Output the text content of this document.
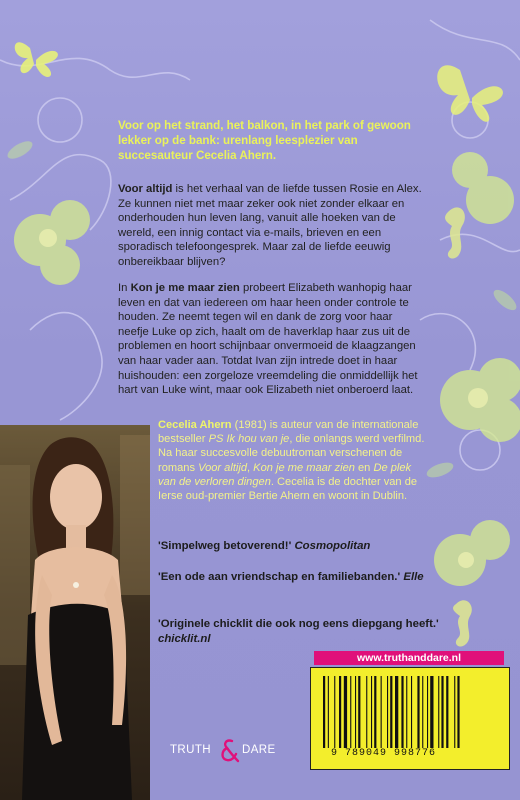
Voor op het strand, het balkon, in het park of gewoon lekker op de bank: urenlang leesplezier van succesauteur Cecelia Ahern.
Voor altijd is het verhaal van de liefde tussen Rosie en Alex. Ze kunnen niet met maar zeker ook niet zonder elkaar en onderhouden hun leven lang, vanuit alle hoeken van de wereld, een innig contact via e-mails, brieven en een sporadisch telefoongesprek. Maar zal de liefde eeuwig onbereikbaar blijven?
In Kon je me maar zien probeert Elizabeth wanhopig haar leven en dat van iedereen om haar heen onder controle te houden. Ze neemt tegen wil en dank de zorg voor haar neefje Luke op zich, haalt om de haverklap haar zus uit de problemen en hoort schijnbaar onvermoeid de klaagzangen van haar vader aan. Totdat Ivan zijn intrede doet in haar huishouden: een zorgeloze vreemdeling die onmiddellijk het hart van Luke wint, maar ook Elizabeth niet onberoerd laat.
Cecelia Ahern (1981) is auteur van de internationale bestseller PS Ik hou van je, die onlangs werd verfilmd. Na haar succesvolle debuutroman verschenen de romans Voor altijd, Kon je me maar zien en De plek van de verloren dingen. Cecelia is de dochter van de Ierse oud-premier Bertie Ahern en woont in Dublin.
'Simpelweg betoverend!' Cosmopolitan
'Een ode aan vriendschap en familiebanden.' Elle
'Originele chicklit die ook nog eens diepgang heeft.' chicklit.nl
www.truthanddare.nl
9 789049 998776
TRUTH	DARE
